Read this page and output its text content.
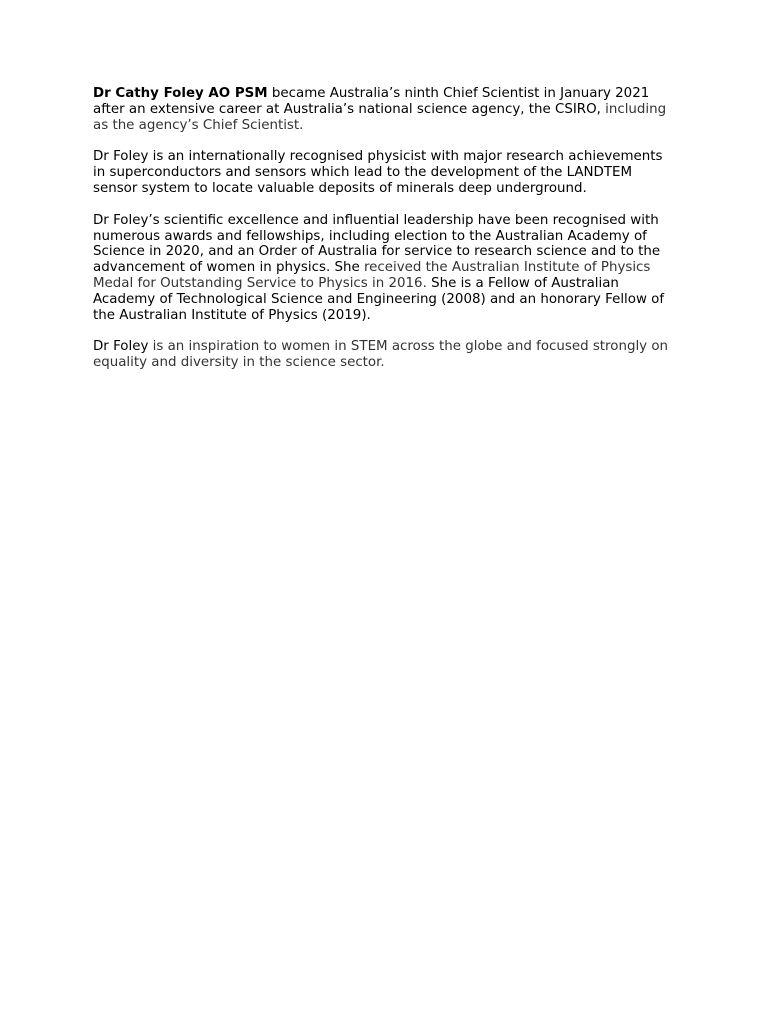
Dr Cathy Foley AO PSM became Australia’s ninth Chief Scientist in January 2021 after an extensive career at Australia’s national science agency, the CSIRO, including as the agency’s Chief Scientist.

Dr Foley is an internationally recognised physicist with major research achievements in superconductors and sensors which lead to the development of the LANDTEM sensor system to locate valuable deposits of minerals deep underground.

Dr Foley’s scientific excellence and influential leadership have been recognised with numerous awards and fellowships, including election to the Australian Academy of Science in 2020, and an Order of Australia for service to research science and to the advancement of women in physics. She received the Australian Institute of Physics Medal for Outstanding Service to Physics in 2016. She is a Fellow of Australian Academy of Technological Science and Engineering (2008) and an honorary Fellow of the Australian Institute of Physics (2019).

Dr Foley is an inspiration to women in STEM across the globe and focused strongly on equality and diversity in the science sector.
